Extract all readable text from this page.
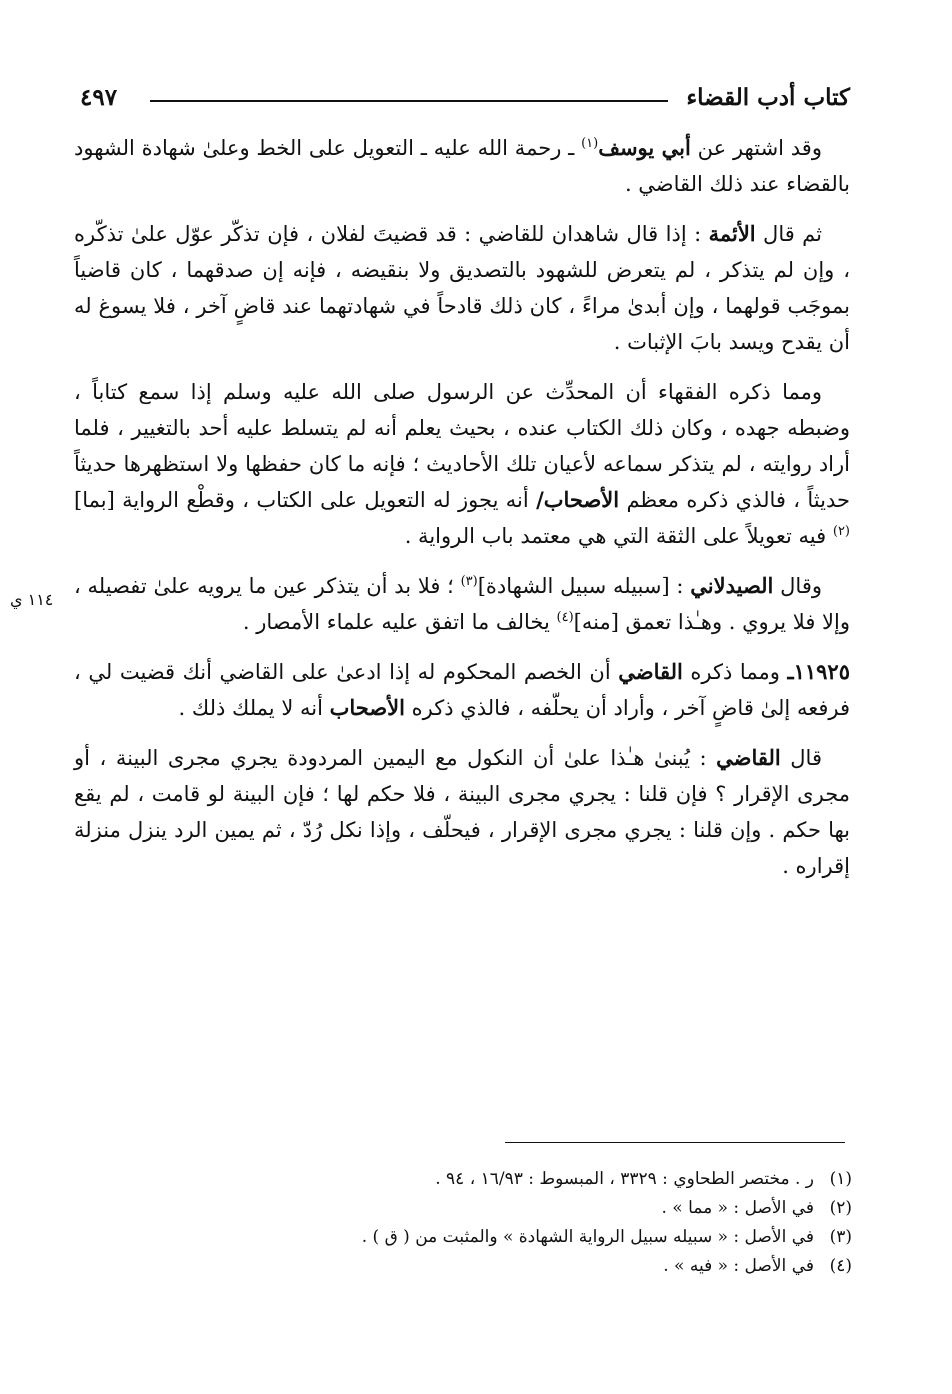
كتاب أدب القضاء
٤٩٧

وقد اشتهر عن أبي يوسف$^{(١)}$ ـ رحمة الله عليه ـ التعويل على الخط وعلىٰ شهادة الشهود بالقضاء عند ذلك القاضي .

ثم قال الأئمة : إذا قال شاهدان للقاضي : قد قضيتَ لفلان ، فإن تذكّر عوّل علىٰ تذكّره ، وإن لم يتذكر ، لم يتعرض للشهود بالتصديق ولا بنقيضه ، فإنه إن صدقهما ، كان قاضياً بموجَب قولهما ، وإن أبدىٰ مراءً ، كان ذلك قادحاً في شهادتهما عند قاضٍ آخر ، فلا يسوغ له أن يقدح ويسد بابَ الإثبات .

ومما ذكره الفقهاء أن المحدِّث عن الرسول صلى الله عليه وسلم إذا سمع كتاباً ، وضبطه جهده ، وكان ذلك الكتاب عنده ، بحيث يعلم أنه لم يتسلط عليه أحد بالتغيير ، فلما أراد روايته ، لم يتذكر سماعه لأعيان تلك الأحاديث ؛ فإنه ما كان حفظها ولا استظهرها حديثاً حديثاً ، فالذي ذكره معظم الأصحاب/ أنه يجوز له التعويل على الكتاب ، وقطْع الرواية [بما]$^{(٢)}$ فيه تعويلاً على الثقة التي هي معتمد باب الرواية .

وقال الصيدلاني : [سبيله سبيل الشهادة]$^{(٣)}$ ؛ فلا بد أن يتذكر عين ما يرويه علىٰ تفصيله ، وإلا فلا يروي . وهـٰذا تعمق [منه]$^{(٤)}$ يخالف ما اتفق عليه علماء الأمصار .

١١٩٢٥ـ ومما ذكره القاضي أن الخصم المحكوم له إذا ادعىٰ على القاضي أنك قضيت لي ، فرفعه إلىٰ قاضٍ آخر ، وأراد أن يحلّفه ، فالذي ذكره الأصحاب أنه لا يملك ذلك .

قال القاضي : يُبنىٰ هـٰذا علىٰ أن النكول مع اليمين المردودة يجري مجرى البينة ، أو مجرى الإقرار ؟ فإن قلنا : يجري مجرى البينة ، فلا حكم لها ؛ فإن البينة لو قامت ، لم يقع بها حكم . وإن قلنا : يجري مجرى الإقرار ، فيحلّف ، وإذا نكل رُدّ ، ثم يمين الرد ينزل منزلة إقراره .

١١٤ ي
(١)ر . مختصر الطحاوي : ٣٣٢٩ ، المبسوط : ١٦/٩٣ ، ٩٤ .
(٢)في الأصل : « مما » .
(٣)في الأصل : « سبيله سبيل الرواية الشهادة » والمثبت من ( ق ) .
(٤)في الأصل : « فيه » .
